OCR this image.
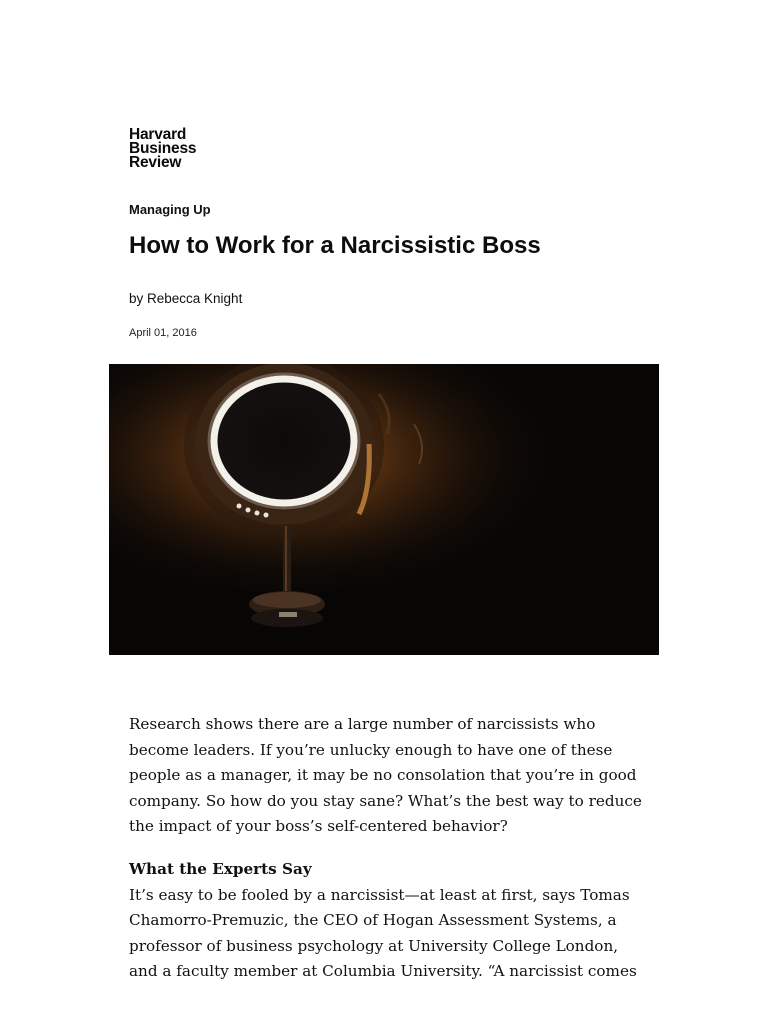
Harvard
Business
Review
Managing Up
How to Work for a Narcissistic Boss
by Rebecca Knight
April 01, 2016

Research shows there are a large number of narcissists who become leaders. If you’re unlucky enough to have one of these people as a manager, it may be no consolation that you’re in good company. So how do you stay sane? What’s the best way to reduce the impact of your boss’s self-centered behavior?

What the Experts Say

It’s easy to be fooled by a narcissist—at least at first, says Tomas Chamorro-Premuzic, the CEO of Hogan Assessment Systems, a professor of business psychology at University College London, and a faculty member at Columbia University. “A narcissist comes
